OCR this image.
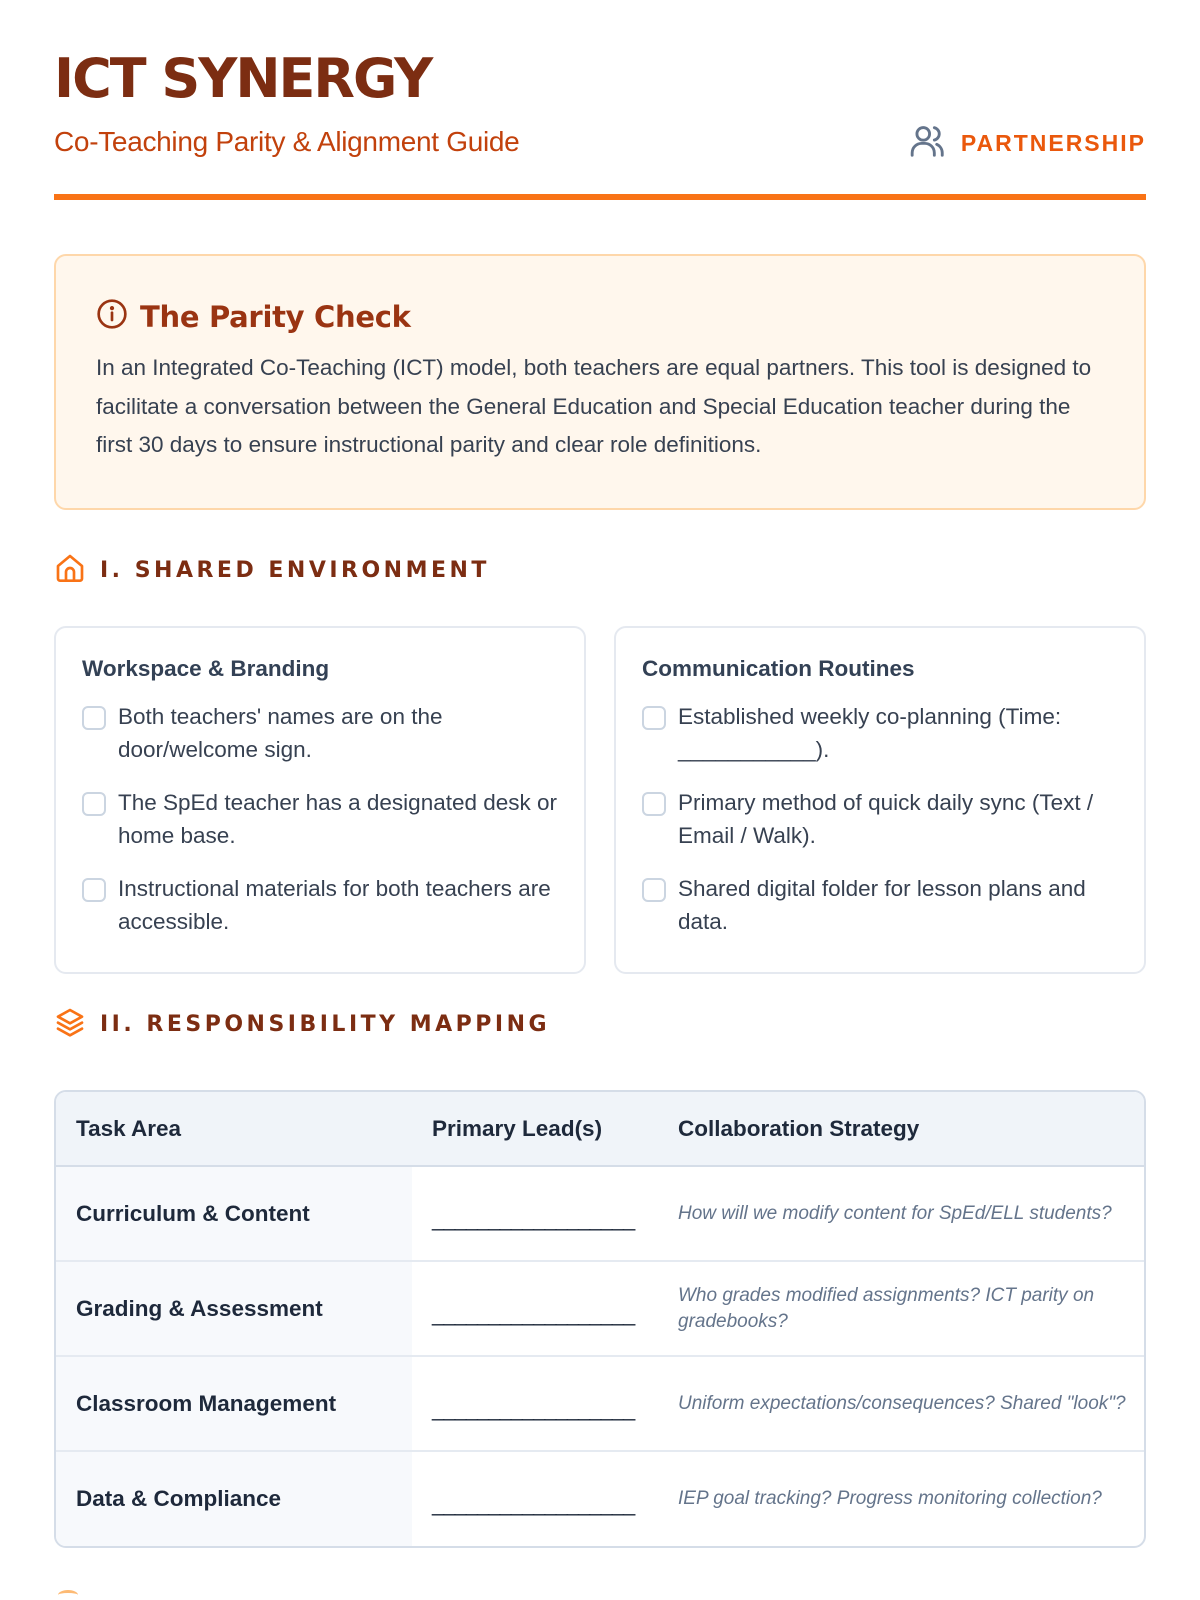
ICT SYNERGY
Co-Teaching Parity & Alignment Guide	PARTNERSHIP
The Parity Check

In an Integrated Co-Teaching (ICT) model, both teachers are equal partners. This tool is designed to facilitate a conversation between the General Education and Special Education teacher during the first 30 days to ensure instructional parity and clear role definitions.

I. SHARED ENVIRONMENT
Workspace & Branding
Both teachers' names are on the door/welcome sign.
The SpEd teacher has a designated desk or home base.
Instructional materials for both teachers are accessible.
Communication Routines
Established weekly co-planning (Time: ___________).
Primary method of quick daily sync (Text / Email / Walk).
Shared digital folder for lesson plans and data.
II. RESPONSIBILITY MAPPING
Task Area	Primary Lead(s)	Collaboration Strategy
Curriculum & Content	__________________	How will we modify content for SpEd/ELL students?
Grading & Assessment	__________________	Who grades modified assignments? ICT parity on gradebooks?
Classroom Management	__________________	Uniform expectations/consequences? Shared "look"?
Data & Compliance	__________________	IEP goal tracking? Progress monitoring collection?
